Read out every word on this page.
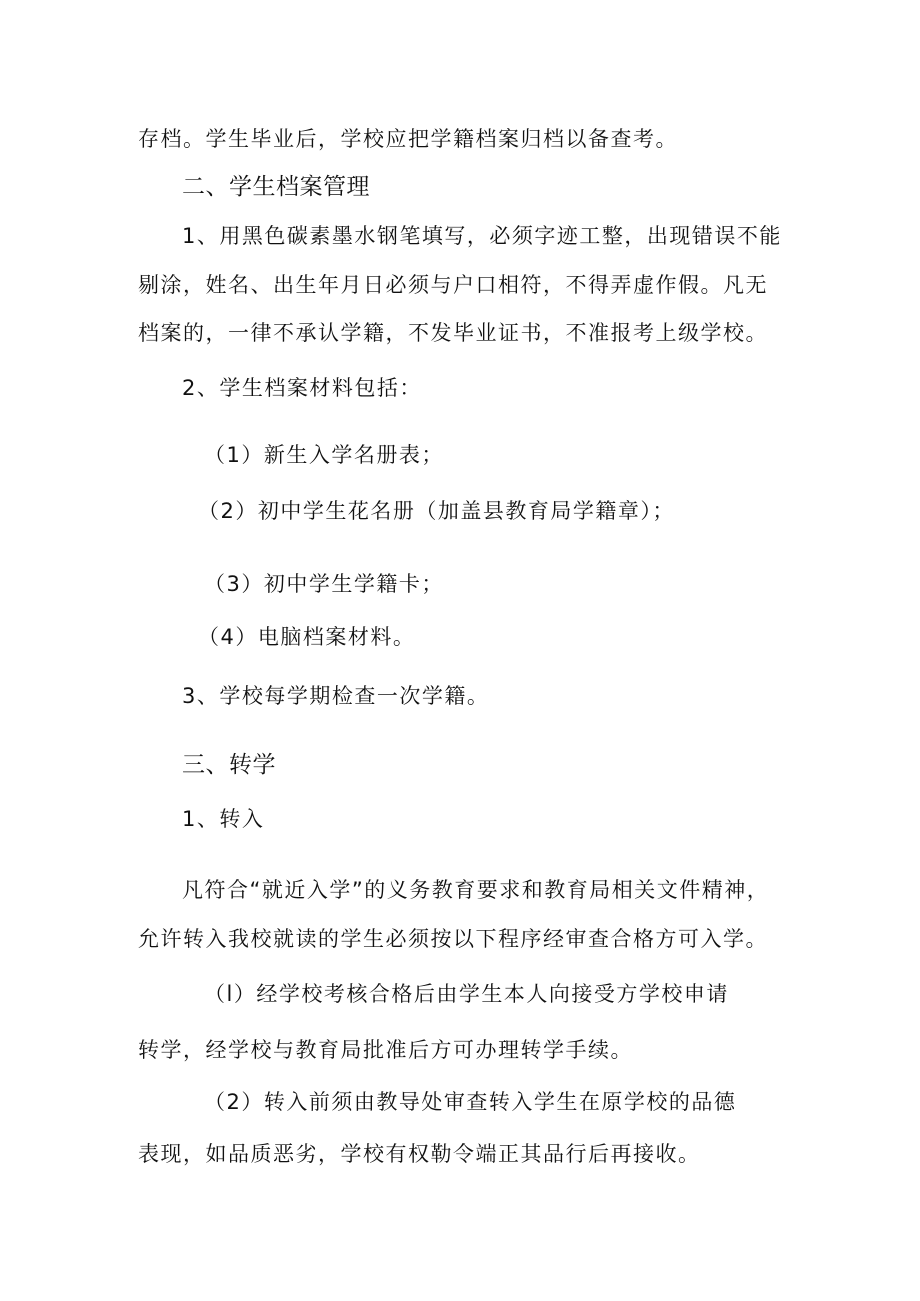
存档。学生毕业后，学校应把学籍档案归档以备查考。
二、学生档案管理
1、用黑色碳素墨水钢笔填写，必须字迹工整，出现错误不能
剔涂，姓名、出生年月日必须与户口相符，不得弄虚作假。凡无
档案的，一律不承认学籍，不发毕业证书，不准报考上级学校。
2、学生档案材料包括：
（1）新生入学名册表；
（2）初中学生花名册（加盖县教育局学籍章）；
（3）初中学生学籍卡；
（4）电脑档案材料。
3、学校每学期检查一次学籍。
三、转学
1、转入
凡符合“就近入学”的义务教育要求和教育局相关文件精神，
允许转入我校就读的学生必须按以下程序经审查合格方可入学。
（l）经学校考核合格后由学生本人向接受方学校申请
转学，经学校与教育局批准后方可办理转学手续。
（2）转入前须由教导处审查转入学生在原学校的品德
表现，如品质恶劣，学校有权勒令端正其品行后再接收。
